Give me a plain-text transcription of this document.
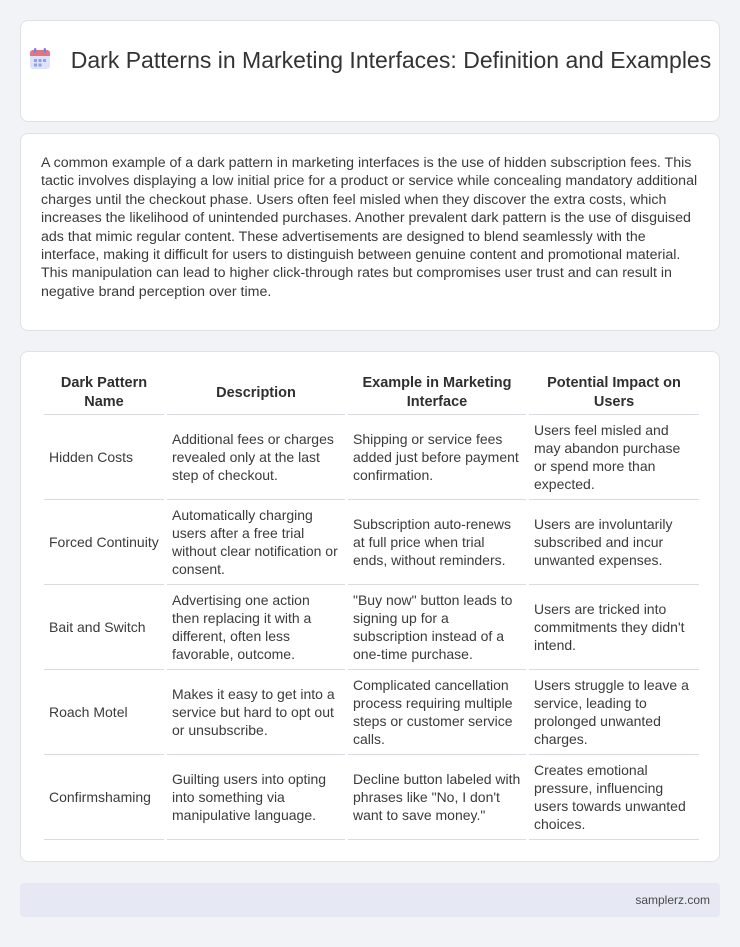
Dark Patterns in Marketing Interfaces: Definition and Examples

A common example of a dark pattern in marketing interfaces is the use of hidden subscription fees. This tactic involves displaying a low initial price for a product or service while concealing mandatory additional charges until the checkout phase. Users often feel misled when they discover the extra costs, which increases the likelihood of unintended purchases. Another prevalent dark pattern is the use of disguised ads that mimic regular content. These advertisements are designed to blend seamlessly with the interface, making it difficult for users to distinguish between genuine content and promotional material. This manipulation can lead to higher click-through rates but compromises user trust and can result in negative brand perception over time.

Dark Pattern Name	Description	Example in Marketing Interface	Potential Impact on Users
Hidden Costs	Additional fees or charges revealed only at the last step of checkout.	Shipping or service fees added just before payment confirmation.	Users feel misled and may abandon purchase or spend more than expected.
Forced Continuity	Automatically charging users after a free trial without clear notification or consent.	Subscription auto-renews at full price when trial ends, without reminders.	Users are involuntarily subscribed and incur unwanted expenses.
Bait and Switch	Advertising one action then replacing it with a different, often less favorable, outcome.	"Buy now" button leads to signing up for a subscription instead of a one-time purchase.	Users are tricked into commitments they didn't intend.
Roach Motel	Makes it easy to get into a service but hard to opt out or unsubscribe.	Complicated cancellation process requiring multiple steps or customer service calls.	Users struggle to leave a service, leading to prolonged unwanted charges.
Confirmshaming	Guilting users into opting into something via manipulative language.	Decline button labeled with phrases like "No, I don't want to save money."	Creates emotional pressure, influencing users towards unwanted choices.
samplerz.com
